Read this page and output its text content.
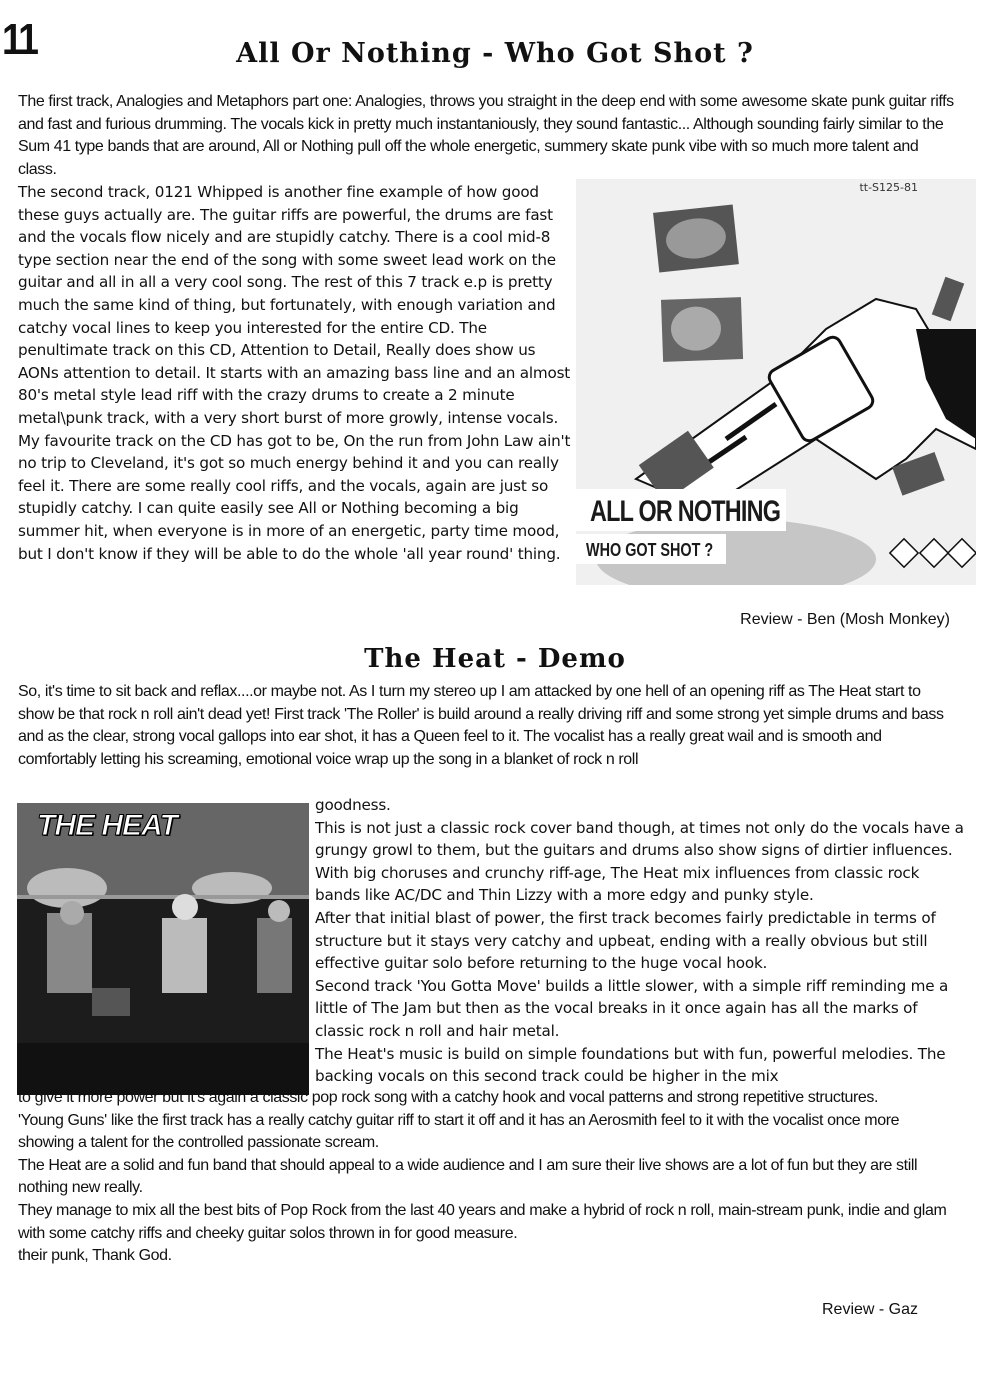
11	All Or Nothing - Who Got Shot ?
The first track, Analogies and Metaphors part one: Analogies, throws you straight in the deep end with some awesome skate punk guitar riffs and fast and furious drumming. The vocals kick in pretty much instantaniously, they sound fantastic... Although sounding fairly similar to the Sum 41 type bands that are around, All or Nothing pull off the whole energetic, summery skate punk vibe with so much more talent and class.
The second track, 0121 Whipped is another fine example of how good these guys actually are. The guitar riffs are powerful, the drums are fast and the vocals flow nicely and are stupidly catchy. There is a cool mid-8 type section near the end of the song with some sweet lead work on the guitar and all in all a very cool song. The rest of this 7 track e.p is pretty much the same kind of thing, but fortunately, with enough variation and catchy vocal lines to keep you interested for the entire CD. The penultimate track on this CD, Attention to Detail, Really does show us AONs attention to detail. It starts with an amazing bass line and an almost 80's metal style lead riff with the crazy drums to create a 2 minute metal\punk track, with a very short burst of more growly, intense vocals. My favourite track on the CD has got to be, On the run from John Law ain't no trip to Cleveland, it's got so much energy behind it and you can really feel it. There are some really cool riffs, and the vocals, again are just so stupidly catchy. I can quite easily see All or Nothing becoming a big summer hit, when everyone is in more of an energetic, party time mood, but I don't know if they will be able to do the whole 'all year round' thing.
tt-S125-81
ALL OR NOTHING
WHO GOT SHOT ?
Review - Ben (Mosh Monkey)
The Heat - Demo
So, it's time to sit back and reflax....or maybe not. As I turn my stereo up I am attacked by one hell of an opening riff as The Heat start to show be that rock n roll ain't dead yet! First track 'The Roller' is build around a really driving riff and some strong yet simple drums and bass and as the clear, strong vocal gallops into ear shot, it has a Queen feel to it. The vocalist has a really great wail and is smooth and comfortably letting his screaming, emotional voice wrap up the song in a blanket of rock n roll
THE HEAT
goodness.
This is not just a classic rock cover band though, at times not only do the vocals have a grungy growl to them, but the guitars and drums also show signs of dirtier influences. With big choruses and crunchy riff-age, The Heat mix influences from classic rock bands like AC/DC and Thin Lizzy with a more edgy and punky style.
After that initial blast of power, the first track becomes fairly predictable in terms of structure but it stays very catchy and upbeat, ending with a really obvious but still effective guitar solo before returning to the huge vocal hook.
Second track 'You Gotta Move' builds a little slower, with a simple riff reminding me a little of The Jam but then as the vocal breaks in it once again has all the marks of classic rock n roll and hair metal.
The Heat's music is build on simple foundations but with fun, powerful melodies. The backing vocals on this second track could be higher in the mix
to give it more power but it's again a classic pop rock song with a catchy hook and vocal patterns and strong repetitive structures.
'Young Guns' like the first track has a really catchy guitar riff to start it off and it has an Aerosmith feel to it with the vocalist once more showing a talent for the controlled passionate scream.
The Heat are a solid and fun band that should appeal to a wide audience and I am sure their live shows are a lot of fun but they are still nothing new really.
They manage to mix all the best bits of Pop Rock from the last 40 years and make a hybrid of rock n roll, main-stream punk, indie and glam with some catchy riffs and cheeky guitar solos thrown in for good measure.
their punk, Thank God.
Review - Gaz
